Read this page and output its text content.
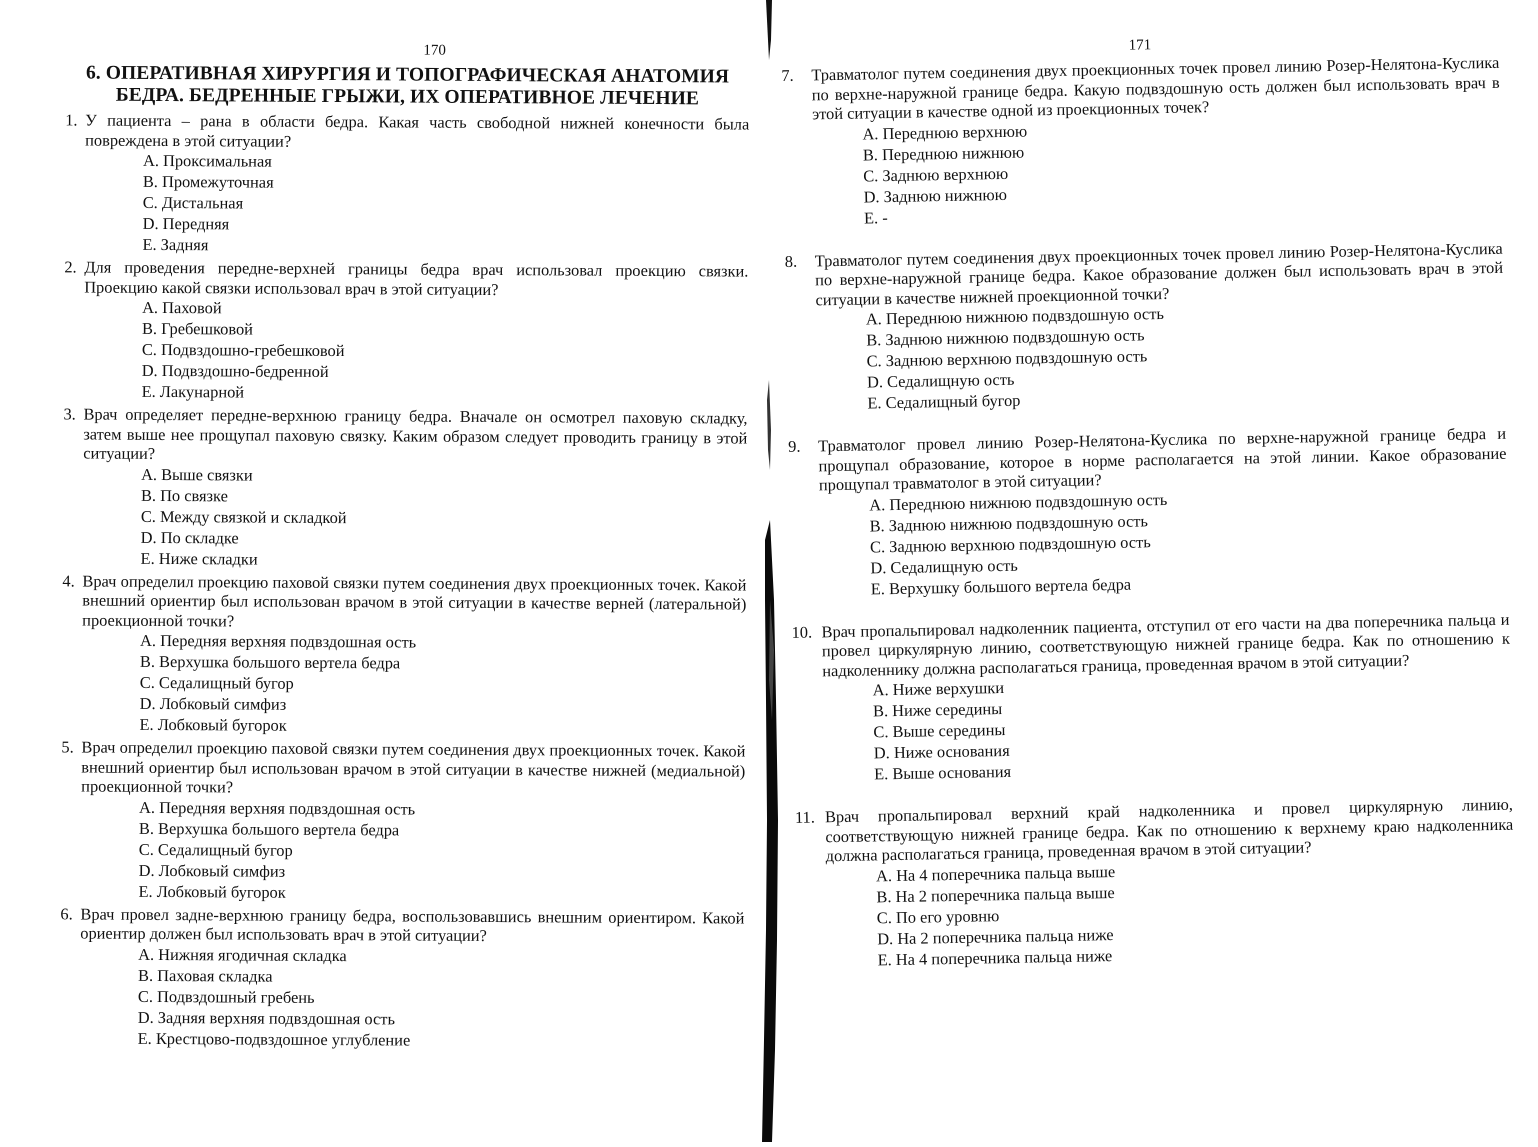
170
6. ОПЕРАТИВНАЯ ХИРУРГИЯ И ТОПОГРАФИЧЕСКАЯ АНАТОМИЯ
БЕДРА. БЕДРЕННЫЕ ГРЫЖИ, ИХ ОПЕРАТИВНОЕ ЛЕЧЕНИЕ
1. У пациента – рана в области бедра. Какая часть свободной нижней конечности была повреждена в этой ситуации?
А. Проксимальная
В. Промежуточная
С. Дистальная
D. Передняя
Е. Задняя
2. Для проведения передне-верхней границы бедра врач использовал проекцию связки. Проекцию какой связки использовал врач в этой ситуации?
А. Паховой
В. Гребешковой
С. Подвздошно-гребешковой
D. Подвздошно-бедренной
Е. Лакунарной
3. Врач определяет передне-верхнюю границу бедра. Вначале он осмотрел паховую складку, затем выше нее прощупал паховую связку. Каким образом следует проводить границу в этой ситуации?
А. Выше связки
В. По связке
С. Между связкой и складкой
D. По складке
Е. Ниже складки
4. Врач определил проекцию паховой связки путем соединения двух проекционных точек. Какой внешний ориентир был использован врачом в этой ситуации в качестве верней (латеральной) проекционной точки?
А. Передняя верхняя подвздошная ость
В. Верхушка большого вертела бедра
С. Седалищный бугор
D. Лобковый симфиз
Е. Лобковый бугорок
5. Врач определил проекцию паховой связки путем соединения двух проекционных точек. Какой внешний ориентир был использован врачом в этой ситуации в качестве нижней (медиальной) проекционной точки?
А. Передняя верхняя подвздошная ость
В. Верхушка большого вертела бедра
С. Седалищный бугор
D. Лобковый симфиз
Е. Лобковый бугорок
6. Врач провел задне-верхнюю границу бедра, воспользовавшись внешним ориентиром. Какой ориентир должен был использовать врач в этой ситуации?
А. Нижняя ягодичная складка
В. Паховая складка
С. Подвздошный гребень
D. Задняя верхняя подвздошная ость
Е. Крестцово-подвздошное углубление
171
7. Травматолог путем соединения двух проекционных точек провел линию Розер-Нелятона-Куслика по верхне-наружной границе бедра. Какую подвздошную ость должен был использовать врач в этой ситуации в качестве одной из проекционных точек?
А. Переднюю верхнюю
В. Переднюю нижнюю
С. Заднюю верхнюю
D. Заднюю нижнюю
Е. -
8. Травматолог путем соединения двух проекционных точек провел линию Розер-Нелятона-Куслика по верхне-наружной границе бедра. Какое образование должен был использовать врач в этой ситуации в качестве нижней проекционной точки?
А. Переднюю нижнюю подвздошную ость
В. Заднюю нижнюю подвздошную ость
С. Заднюю верхнюю подвздошную ость
D. Седалищную ость
Е. Седалищный бугор
9. Травматолог провел линию Розер-Нелятона-Куслика по верхне-наружной границе бедра и прощупал образование, которое в норме располагается на этой линии. Какое образование прощупал травматолог в этой ситуации?
А. Переднюю нижнюю подвздошную ость
В. Заднюю нижнюю подвздошную ость
С. Заднюю верхнюю подвздошную ость
D. Седалищную ость
Е. Верхушку большого вертела бедра
10. Врач пропальпировал надколенник пациента, отступил от его части на два поперечника пальца и провел циркулярную линию, соответствующую нижней границе бедра. Как по отношению к надколеннику должна располагаться граница, проведенная врачом в этой ситуации?
А. Ниже верхушки
В. Ниже середины
С. Выше середины
D. Ниже основания
Е. Выше основания
11. Врач пропальпировал верхний край надколенника и провел циркулярную линию, соответствующую нижней границе бедра. Как по отношению к верхнему краю надколенника должна располагаться граница, проведенная врачом в этой ситуации?
А. На 4 поперечника пальца выше
В. На 2 поперечника пальца выше
С. По его уровню
D. На 2 поперечника пальца ниже
Е. На 4 поперечника пальца ниже
